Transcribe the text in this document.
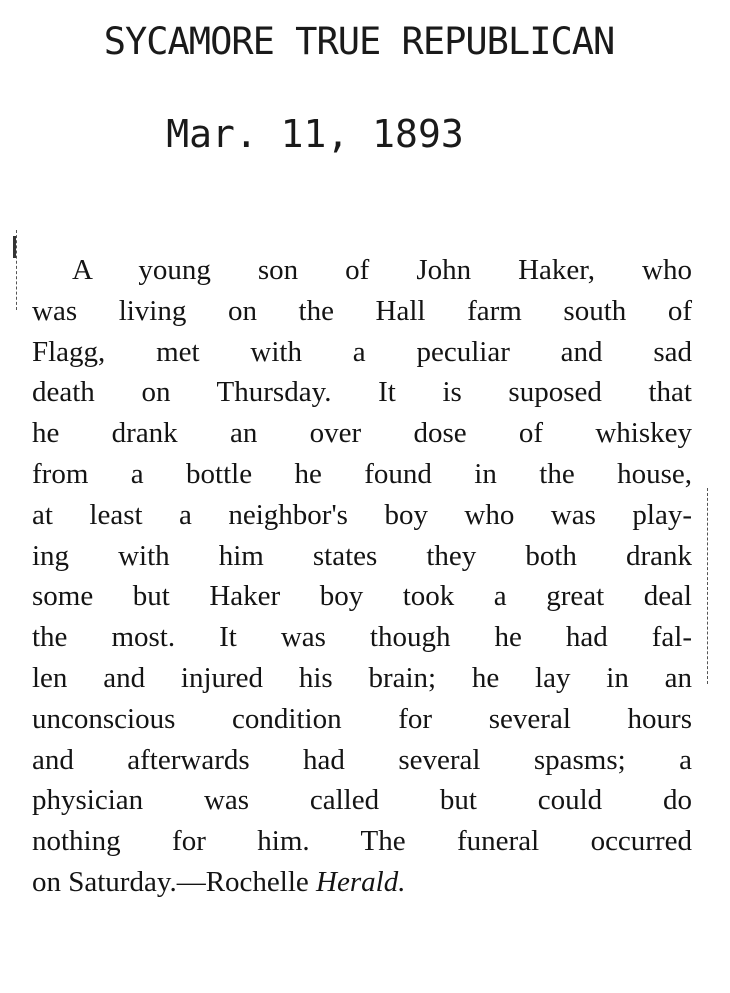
SYCAMORE TRUE REPUBLICAN
Mar. 11, 1893
A young son of John Haker, who
was living on the Hall farm south of
Flagg, met with a peculiar and sad
death on Thursday. It is suposed that
he drank an over dose of whiskey
from a bottle he found in the house,
at least a neighbor's boy who was play-
ing with him states they both drank
some but Haker boy took a great deal
the most. It was though he had fal-
len and injured his brain; he lay in an
unconscious condition for several hours
and afterwards had several spasms; a
physician was called but could do
nothing for him. The funeral occurred
on Saturday.—Rochelle Herald.
